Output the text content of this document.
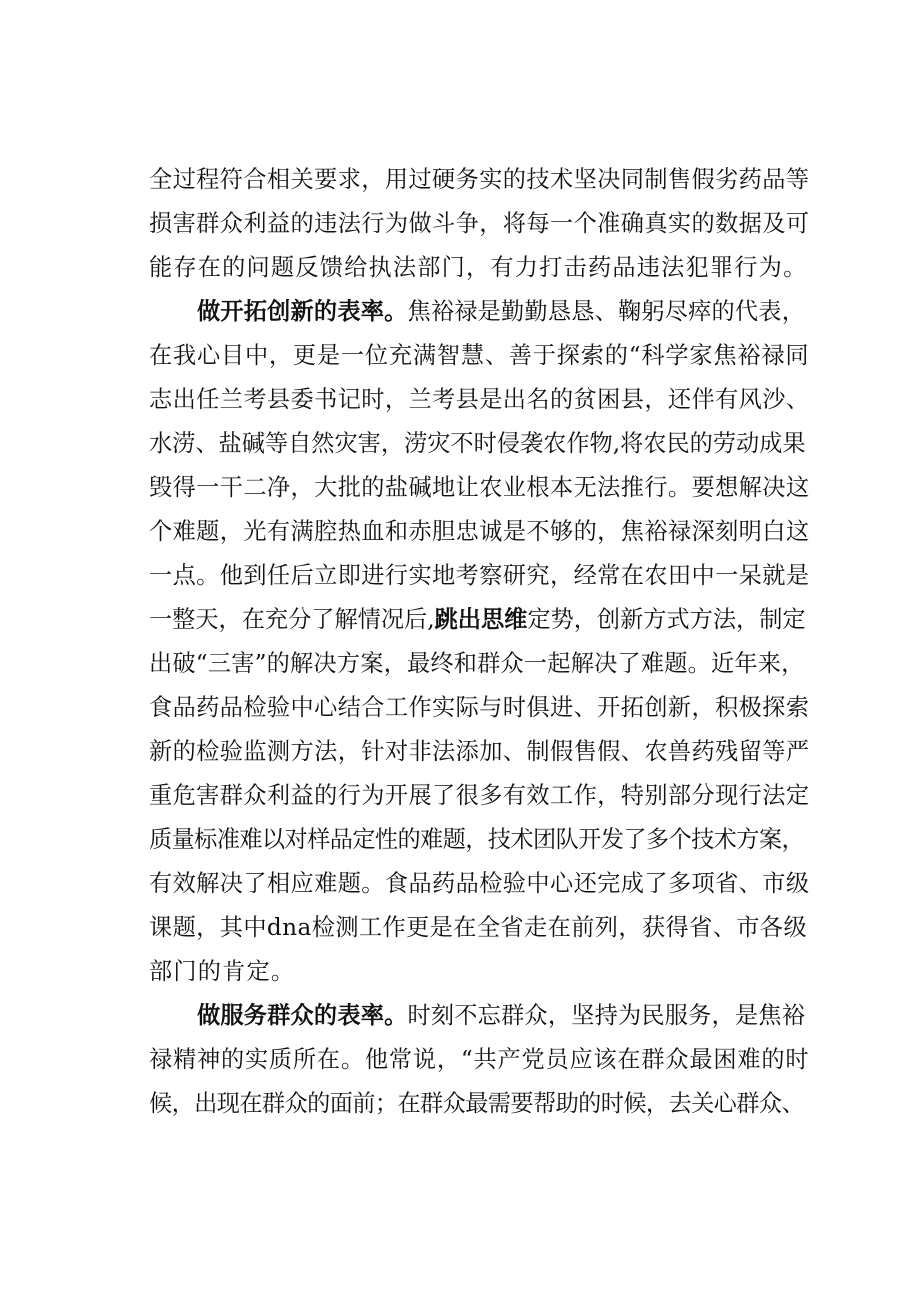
全过程符合相关要求，用过硬务实的技术坚决同制售假劣药品等
损害群众利益的违法行为做斗争，将每一个准确真实的数据及可
能存在的问题反馈给执法部门，有力打击药品违法犯罪行为。
做开拓创新的表率。焦裕禄是勤勤恳恳、鞠躬尽瘁的代表，
在我心目中，更是一位充满智慧、善于探索的“科学家焦裕禄同
志出任兰考县委书记时，兰考县是出名的贫困县，还伴有风沙、
水涝、盐碱等自然灾害，涝灾不时侵袭农作物,将农民的劳动成果
毁得一干二净，大批的盐碱地让农业根本无法推行。要想解决这
个难题，光有满腔热血和赤胆忠诚是不够的，焦裕禄深刻明白这
一点。他到任后立即进行实地考察研究，经常在农田中一呆就是
一整天，在充分了解情况后,跳出思维定势，创新方式方法，制定
出破“三害”的解决方案，最终和群众一起解决了难题。近年来，
食品药品检验中心结合工作实际与时俱进、开拓创新，积极探索
新的检验监测方法，针对非法添加、制假售假、农兽药残留等严
重危害群众利益的行为开展了很多有效工作，特别部分现行法定
质量标准难以对样品定性的难题，技术团队开发了多个技术方案，
有效解决了相应难题。食品药品检验中心还完成了多项省、市级
课题，其中dna检测工作更是在全省走在前列，获得省、市各级
部门的肯定。
做服务群众的表率。时刻不忘群众，坚持为民服务，是焦裕
禄精神的实质所在。他常说，“共产党员应该在群众最困难的时
候，出现在群众的面前；在群众最需要帮助的时候，去关心群众、
